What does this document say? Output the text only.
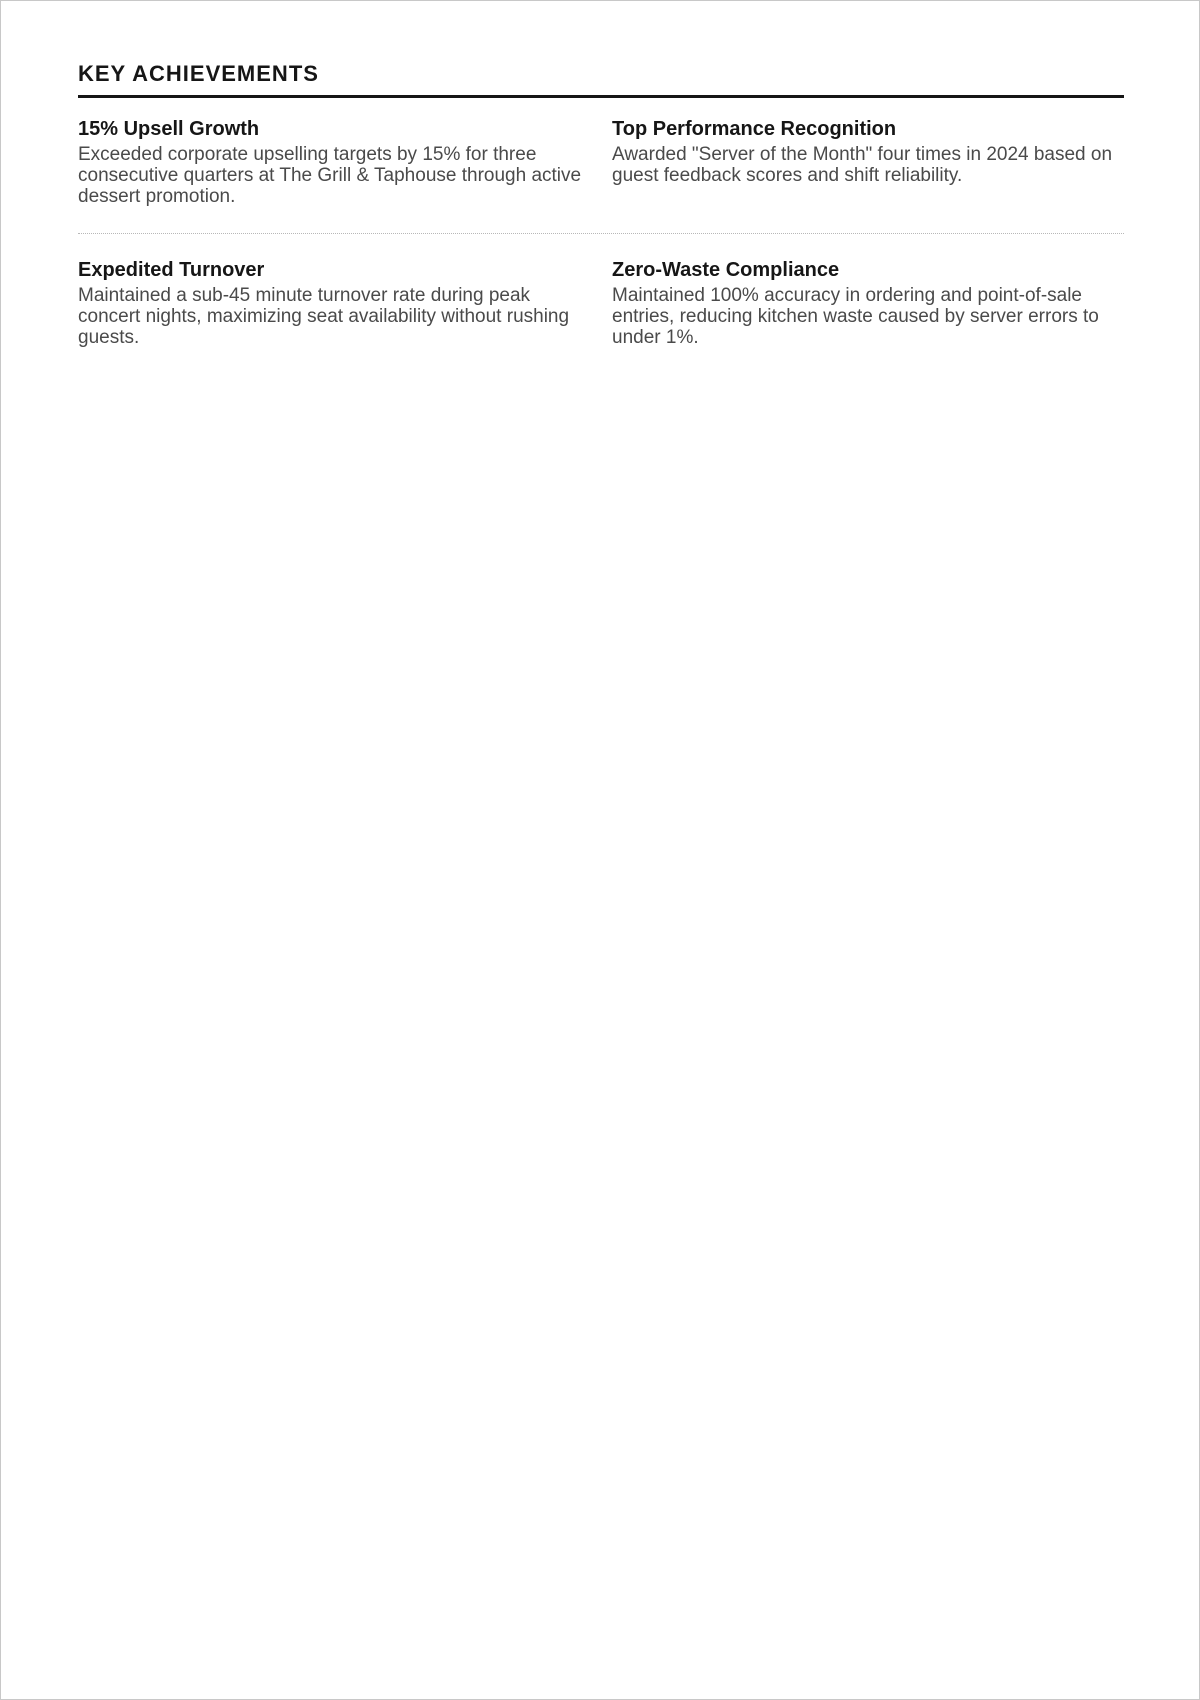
KEY ACHIEVEMENTS
15% Upsell Growth

Exceeded corporate upselling targets by 15% for three consecutive quarters at The Grill & Taphouse through active dessert promotion.

Top Performance Recognition

Awarded "Server of the Month" four times in 2024 based on guest feedback scores and shift reliability.

Expedited Turnover

Maintained a sub-45 minute turnover rate during peak concert nights, maximizing seat availability without rushing guests.

Zero-Waste Compliance

Maintained 100% accuracy in ordering and point-of-sale entries, reducing kitchen waste caused by server errors to under 1%.
